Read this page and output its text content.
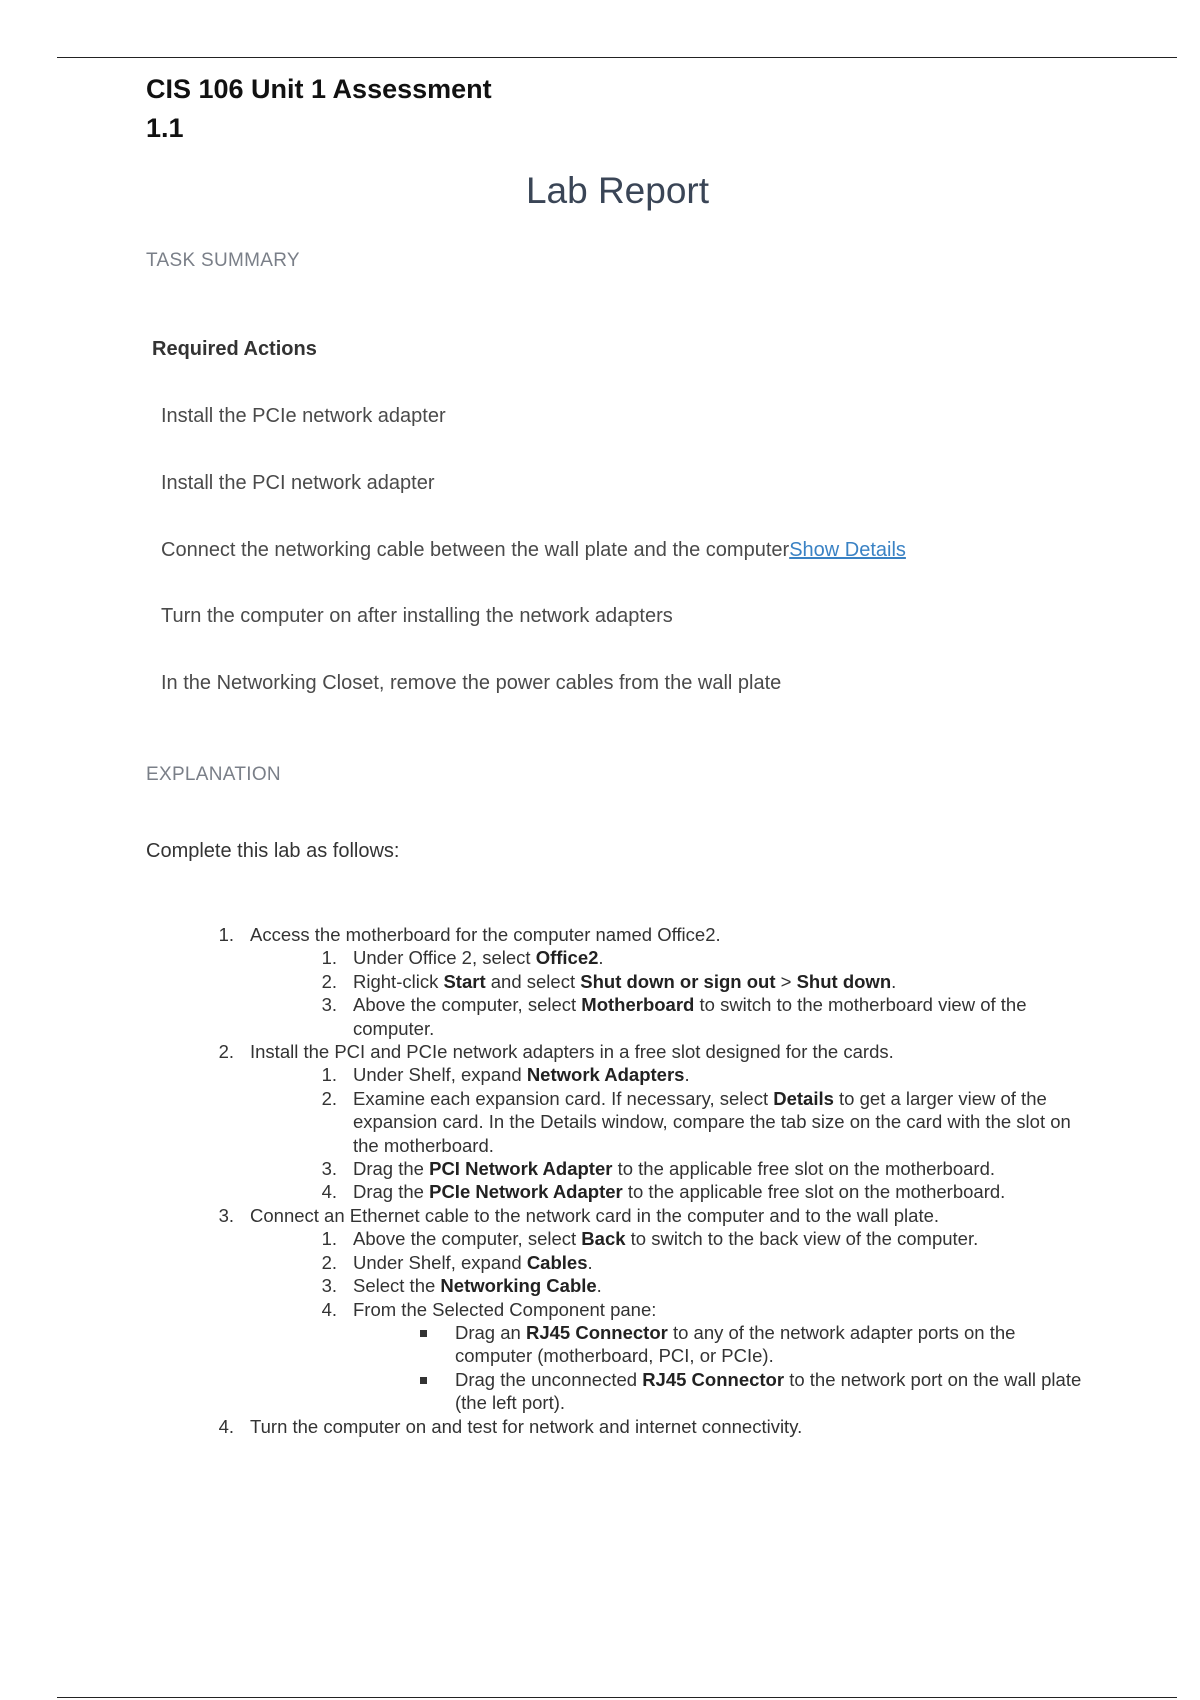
CIS 106 Unit 1 Assessment
1.1
Lab Report
TASK SUMMARY
Required Actions
Install the PCIe network adapter
Install the PCI network adapter
Connect the networking cable between the wall plate and the computerShow Details
Turn the computer on after installing the network adapters
In the Networking Closet, remove the power cables from the wall plate
EXPLANATION
Complete this lab as follows:
1. Access the motherboard for the computer named Office2.
1. Under Office 2, select Office2.
2. Right-click Start and select Shut down or sign out > Shut down.
3. Above the computer, select Motherboard to switch to the motherboard view of the computer.
2. Install the PCI and PCIe network adapters in a free slot designed for the cards.
1. Under Shelf, expand Network Adapters.
2. Examine each expansion card. If necessary, select Details to get a larger view of the expansion card. In the Details window, compare the tab size on the card with the slot on the motherboard.
3. Drag the PCI Network Adapter to the applicable free slot on the motherboard.
4. Drag the PCIe Network Adapter to the applicable free slot on the motherboard.
3. Connect an Ethernet cable to the network card in the computer and to the wall plate.
1. Above the computer, select Back to switch to the back view of the computer.
2. Under Shelf, expand Cables.
3. Select the Networking Cable.
4. From the Selected Component pane:
Drag an RJ45 Connector to any of the network adapter ports on the computer (motherboard, PCI, or PCIe).
Drag the unconnected RJ45 Connector to the network port on the wall plate (the left port).
4. Turn the computer on and test for network and internet connectivity.
